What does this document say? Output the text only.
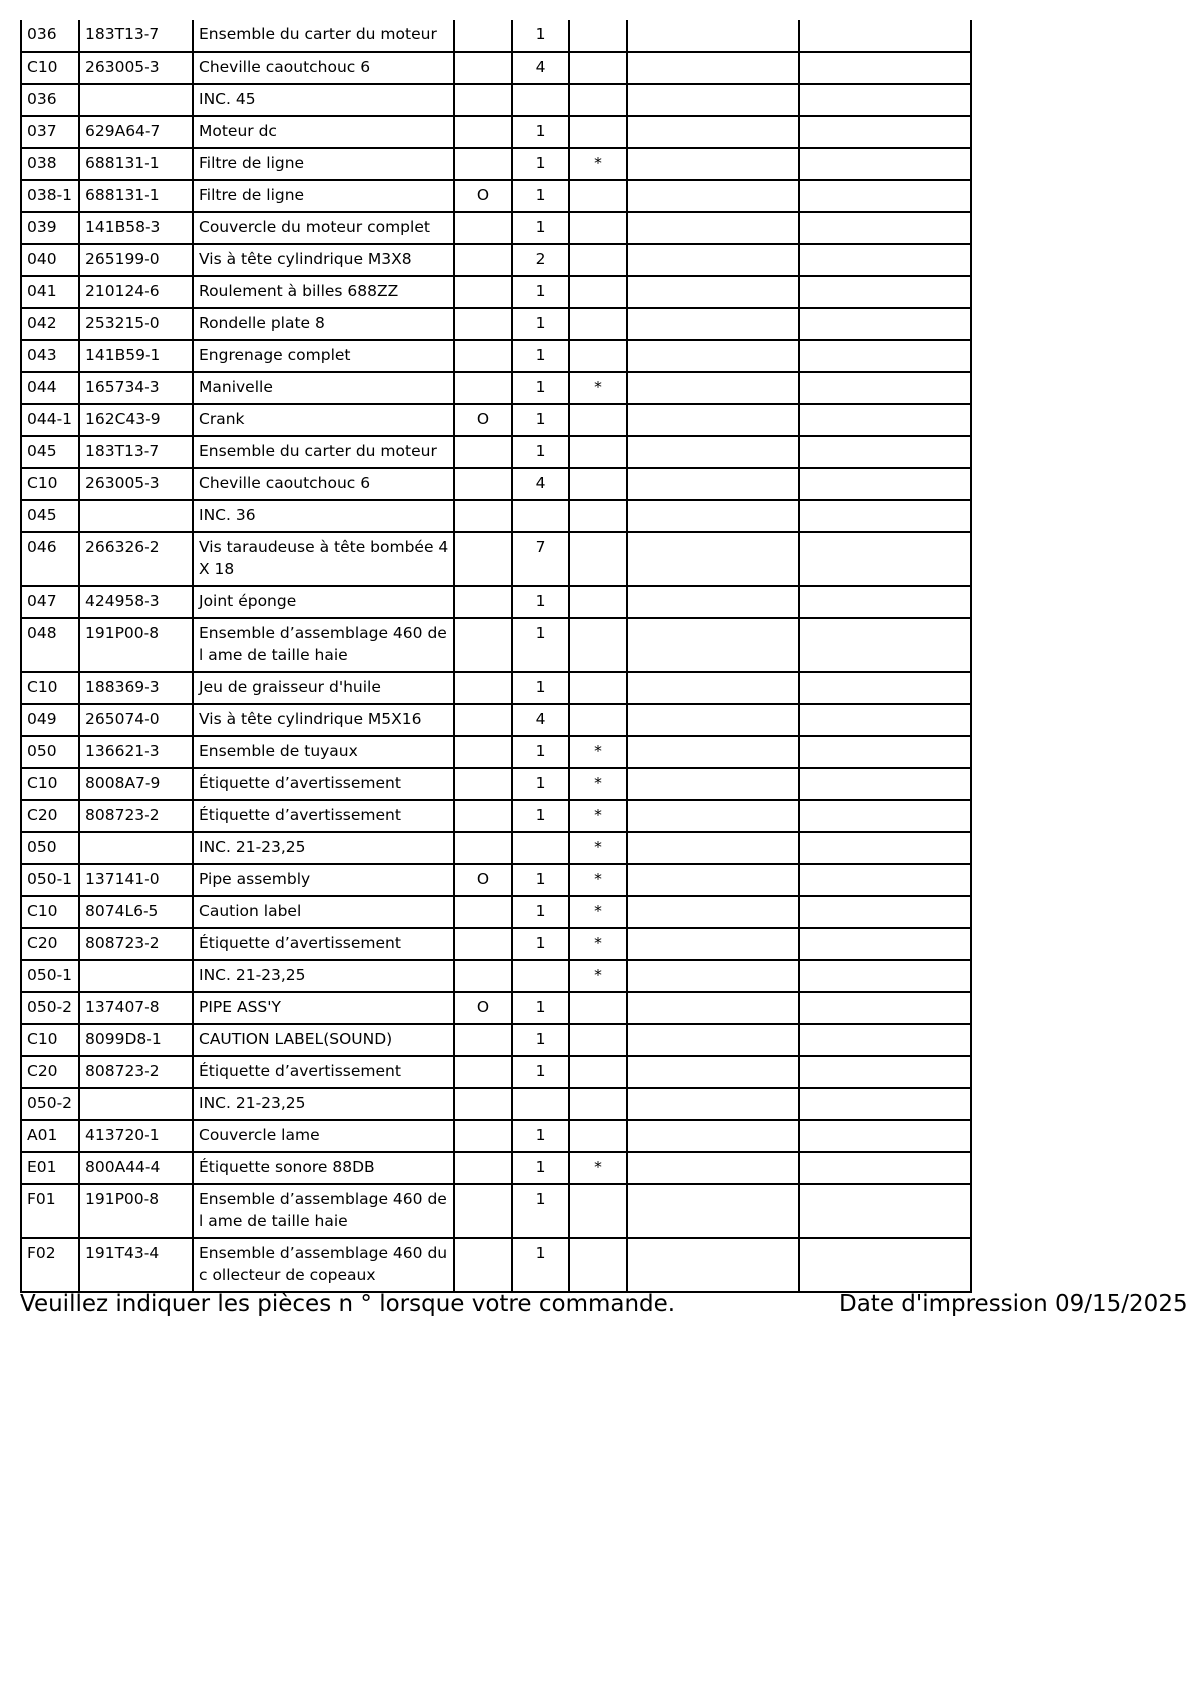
036	183T13-7	Ensemble du carter du moteur		1			
C10	263005-3	Cheville caoutchouc 6		4			
036		INC. 45					
037	629A64-7	Moteur dc		1			
038	688131-1	Filtre de ligne		1	*		
038-1	688131-1	Filtre de ligne	O	1			
039	141B58-3	Couvercle du moteur complet		1			
040	265199-0	Vis à tête cylindrique M3X8		2			
041	210124-6	Roulement à billes 688ZZ		1			
042	253215-0	Rondelle plate 8		1			
043	141B59-1	Engrenage complet		1			
044	165734-3	Manivelle		1	*		
044-1	162C43-9	Crank	O	1			
045	183T13-7	Ensemble du carter du moteur		1			
C10	263005-3	Cheville caoutchouc 6		4			
045		INC. 36					
046	266326-2	Vis taraudeuse à tête bombée 4X 18		7			
047	424958-3	Joint éponge		1			
048	191P00-8	Ensemble d’assemblage 460 de l ame de taille haie		1			
C10	188369-3	Jeu de graisseur d'huile		1			
049	265074-0	Vis à tête cylindrique M5X16		4			
050	136621-3	Ensemble de tuyaux		1	*		
C10	8008A7-9	Étiquette d’avertissement		1	*		
C20	808723-2	Étiquette d’avertissement		1	*		
050		INC. 21-23,25			*		
050-1	137141-0	Pipe assembly	O	1	*		
C10	8074L6-5	Caution label		1	*		
C20	808723-2	Étiquette d’avertissement		1	*		
050-1		INC. 21-23,25			*		
050-2	137407-8	PIPE ASS'Y	O	1			
C10	8099D8-1	CAUTION LABEL(SOUND)		1			
C20	808723-2	Étiquette d’avertissement		1			
050-2		INC. 21-23,25					
A01	413720-1	Couvercle lame		1			
E01	800A44-4	Étiquette sonore 88DB		1	*		
F01	191P00-8	Ensemble d’assemblage 460 de l ame de taille haie		1			
F02	191T43-4	Ensemble d’assemblage 460 du c ollecteur de copeaux		1			
Veuillez indiquer les pièces n ° lorsque votre commande.	Date d'impression 09/15/2025
